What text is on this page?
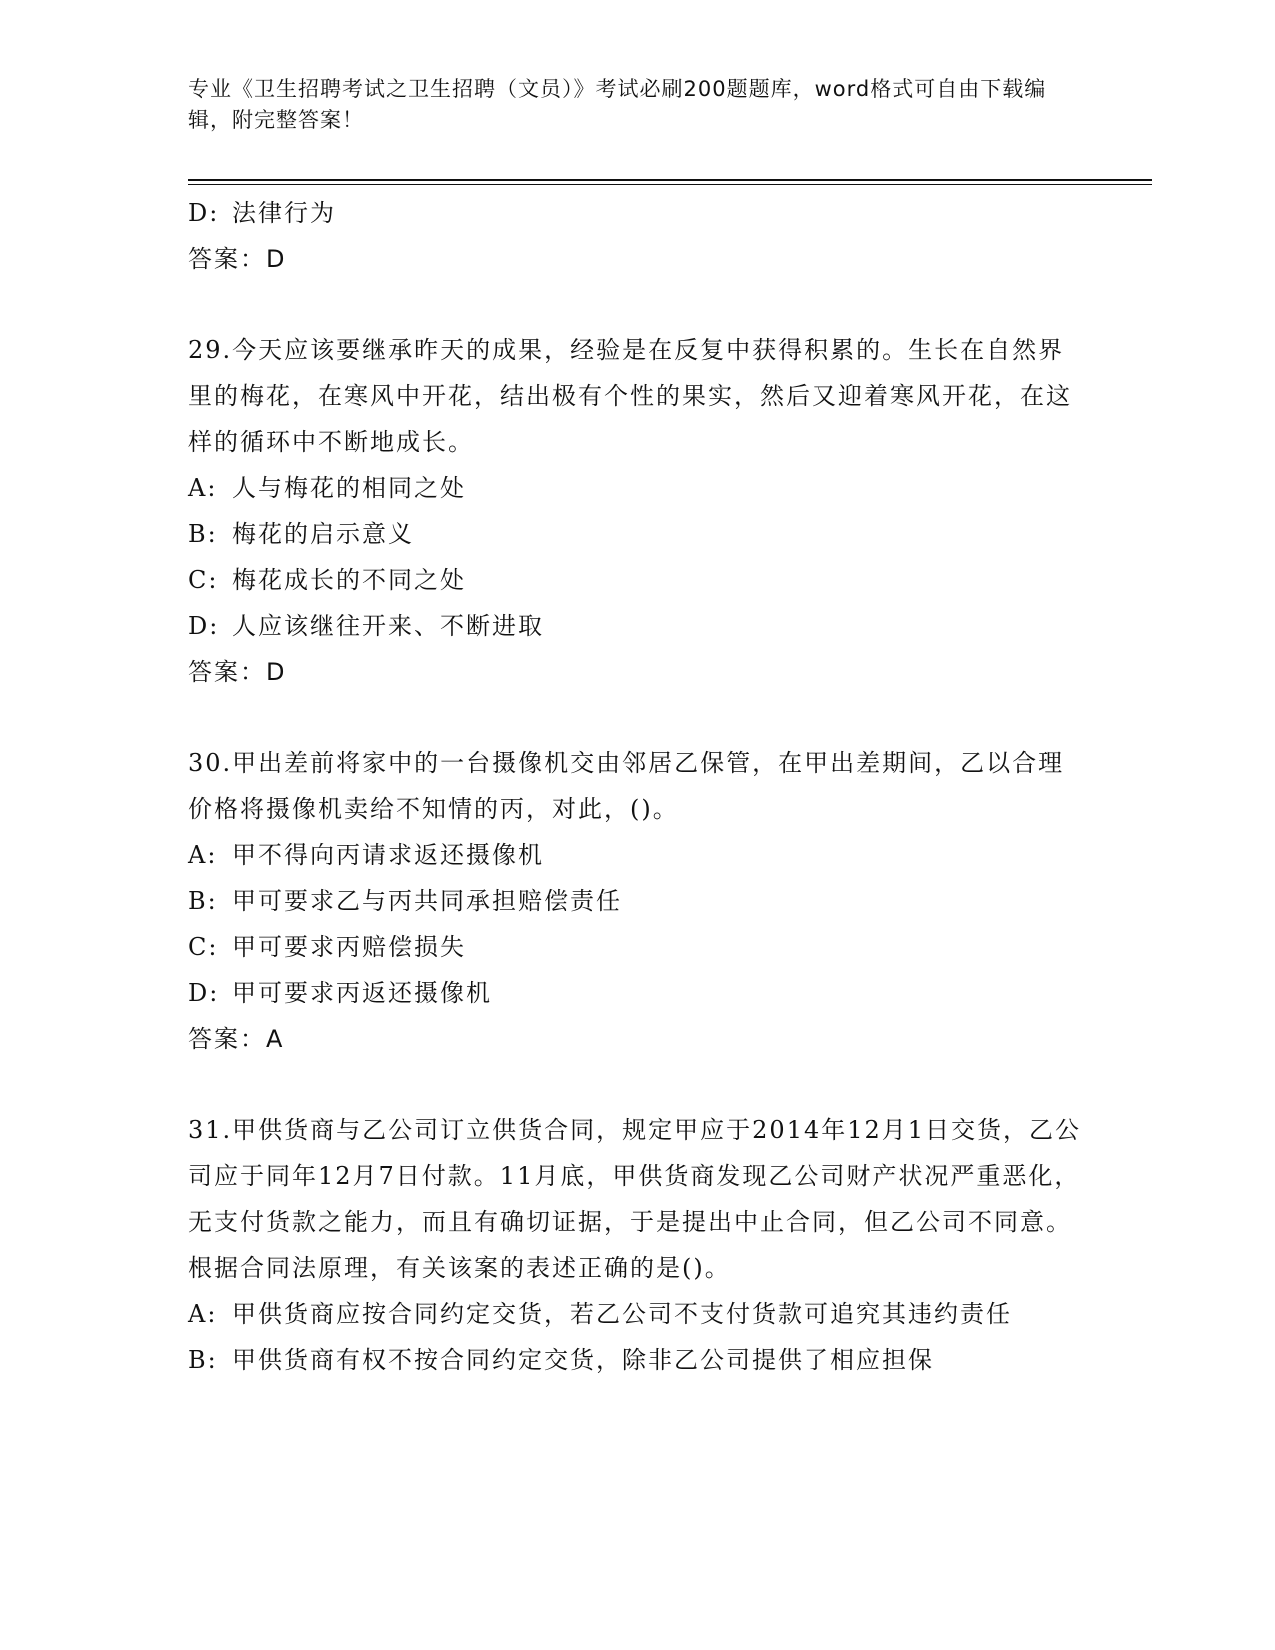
专业《卫生招聘考试之卫生招聘（文员）》考试必刷200题题库，word格式可自由下载编辑，附完整答案！
D: 法律行为
答案：D
29.今天应该要继承昨天的成果，经验是在反复中获得积累的。生长在自然界里的梅花，在寒风中开花，结出极有个性的果实，然后又迎着寒风开花，在这样的循环中不断地成长。
A: 人与梅花的相同之处
B: 梅花的启示意义
C: 梅花成长的不同之处
D: 人应该继往开来、不断进取
答案：D
30.甲出差前将家中的一台摄像机交由邻居乙保管，在甲出差期间，乙以合理价格将摄像机卖给不知情的丙，对此，()。
A: 甲不得向丙请求返还摄像机
B: 甲可要求乙与丙共同承担赔偿责任
C: 甲可要求丙赔偿损失
D: 甲可要求丙返还摄像机
答案：A
31.甲供货商与乙公司订立供货合同，规定甲应于2014年12月1日交货，乙公司应于同年12月7日付款。11月底，甲供货商发现乙公司财产状况严重恶化，无支付货款之能力，而且有确切证据，于是提出中止合同，但乙公司不同意。根据合同法原理，有关该案的表述正确的是()。
A: 甲供货商应按合同约定交货，若乙公司不支付货款可追究其违约责任
B: 甲供货商有权不按合同约定交货，除非乙公司提供了相应担保
